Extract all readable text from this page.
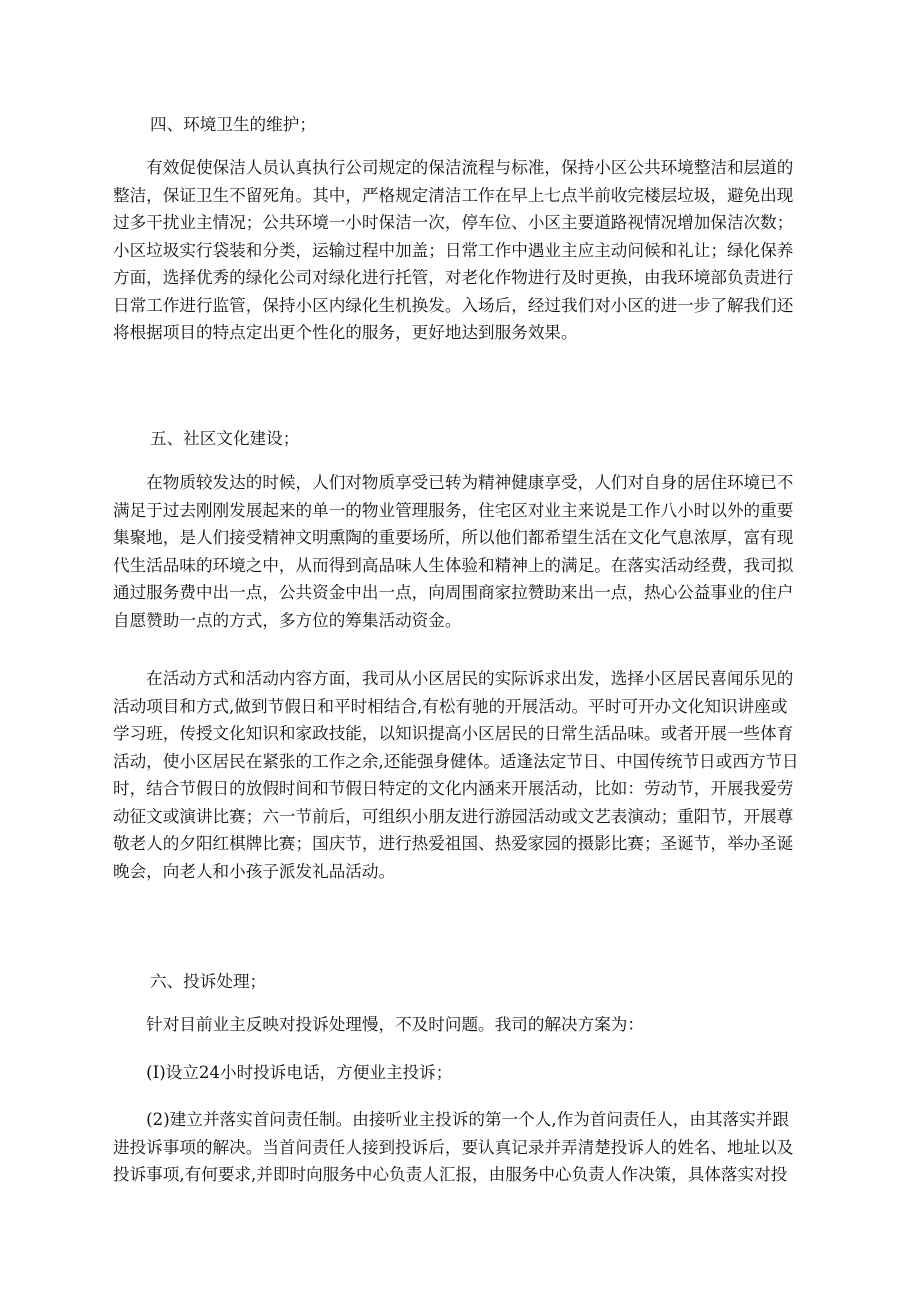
四、环境卫生的维护；

　　有效促使保洁人员认真执行公司规定的保洁流程与标准，保持小区公共环境整洁和层道的
整洁，保证卫生不留死角。其中，严格规定清洁工作在早上七点半前收完楼层垃圾，避免出现
过多干扰业主情况；公共环境一小时保洁一次，停车位、小区主要道路视情况增加保洁次数；
小区垃圾实行袋装和分类，运输过程中加盖；日常工作中遇业主应主动问候和礼让；绿化保养
方面，选择优秀的绿化公司对绿化进行托管，对老化作物进行及时更换，由我环境部负责进行
日常工作进行监管，保持小区内绿化生机换发。入场后，经过我们对小区的进一步了解我们还
将根据项目的特点定出更个性化的服务，更好地达到服务效果。

五、社区文化建设；

　　在物质较发达的时候，人们对物质享受已转为精神健康享受，人们对自身的居住环境已不
满足于过去刚刚发展起来的单一的物业管理服务，住宅区对业主来说是工作八小时以外的重要
集聚地，是人们接受精神文明熏陶的重要场所，所以他们都希望生活在文化气息浓厚，富有现
代生活品味的环境之中，从而得到高品味人生体验和精神上的满足。在落实活动经费，我司拟
通过服务费中出一点，公共资金中出一点，向周围商家拉赞助来出一点，热心公益事业的住户
自愿赞助一点的方式，多方位的筹集活动资金。
　　在活动方式和活动内容方面，我司从小区居民的实际诉求出发，选择小区居民喜闻乐见的
活动项目和方式,做到节假日和平时相结合,有松有驰的开展活动。平时可开办文化知识讲座或
学习班，传授文化知识和家政技能，以知识提高小区居民的日常生活品味。或者开展一些体育
活动，使小区居民在紧张的工作之余,还能强身健体。适逢法定节日、中国传统节日或西方节日
时，结合节假日的放假时间和节假日特定的文化内涵来开展活动，比如：劳动节，开展我爱劳
动征文或演讲比赛；六一节前后，可组织小朋友进行游园活动或文艺表演动；重阳节，开展尊
敬老人的夕阳红棋牌比赛；国庆节，进行热爱祖国、热爱家园的摄影比赛；圣诞节，举办圣诞
晚会，向老人和小孩子派发礼品活动。

六、投诉处理；

　　针对目前业主反映对投诉处理慢，不及时问题。我司的解决方案为：
　　(I)设立24小时投诉电话，方便业主投诉；
　　(2)建立并落实首问责任制。由接听业主投诉的第一个人,作为首问责任人，由其落实并跟
进投诉事项的解决。当首问责任人接到投诉后，要认真记录并弄清楚投诉人的姓名、地址以及
投诉事项,有何要求,并即时向服务中心负责人汇报，由服务中心负责人作决策，具体落实对投
